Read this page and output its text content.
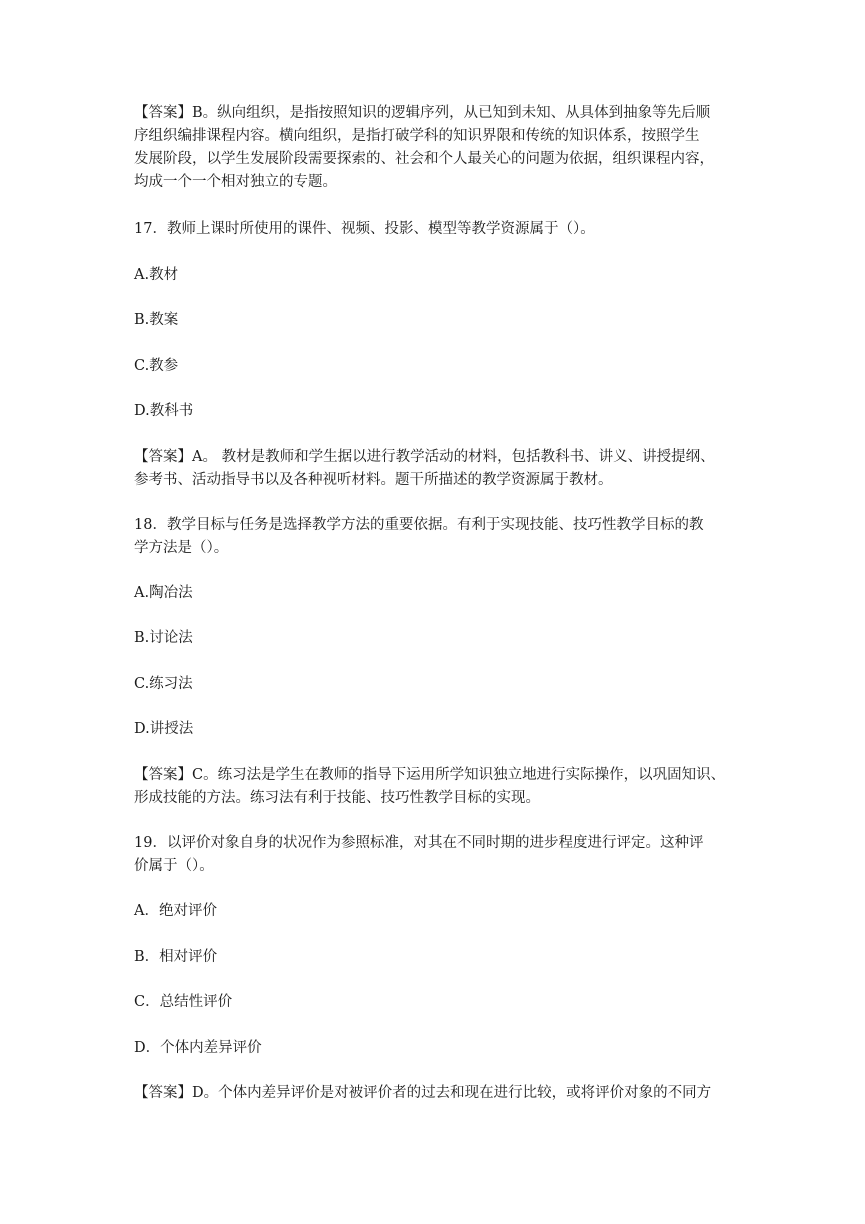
【答案】B。纵向组织，是指按照知识的逻辑序列，从已知到未知、从具体到抽象等先后顺
序组织编排课程内容。横向组织，是指打破学科的知识界限和传统的知识体系，按照学生
发展阶段，以学生发展阶段需要探索的、社会和个人最关心的问题为依据，组织课程内容，
均成一个一个相对独立的专题。
17．教师上课时所使用的课件、视频、投影、模型等教学资源属于（）。
A.教材
B.教案
C.教参
D.教科书
【答案】A。 教材是教师和学生据以进行教学活动的材料，包括教科书、讲义、讲授提纲、
参考书、活动指导书以及各种视听材料。题干所描述的教学资源属于教材。
18．教学目标与任务是选择教学方法的重要依据。有利于实现技能、技巧性教学目标的教
学方法是（）。
A.陶冶法
B.讨论法
C.练习法
D.讲授法
【答案】C。练习法是学生在教师的指导下运用所学知识独立地进行实际操作，以巩固知识、
形成技能的方法。练习法有利于技能、技巧性教学目标的实现。
19．以评价对象自身的状况作为参照标准，对其在不同时期的进步程度进行评定。这种评
价属于（）。
A．绝对评价
B．相对评价
C．总结性评价
D．个体内差异评价
【答案】D。个体内差异评价是对被评价者的过去和现在进行比较，或将评价对象的不同方
